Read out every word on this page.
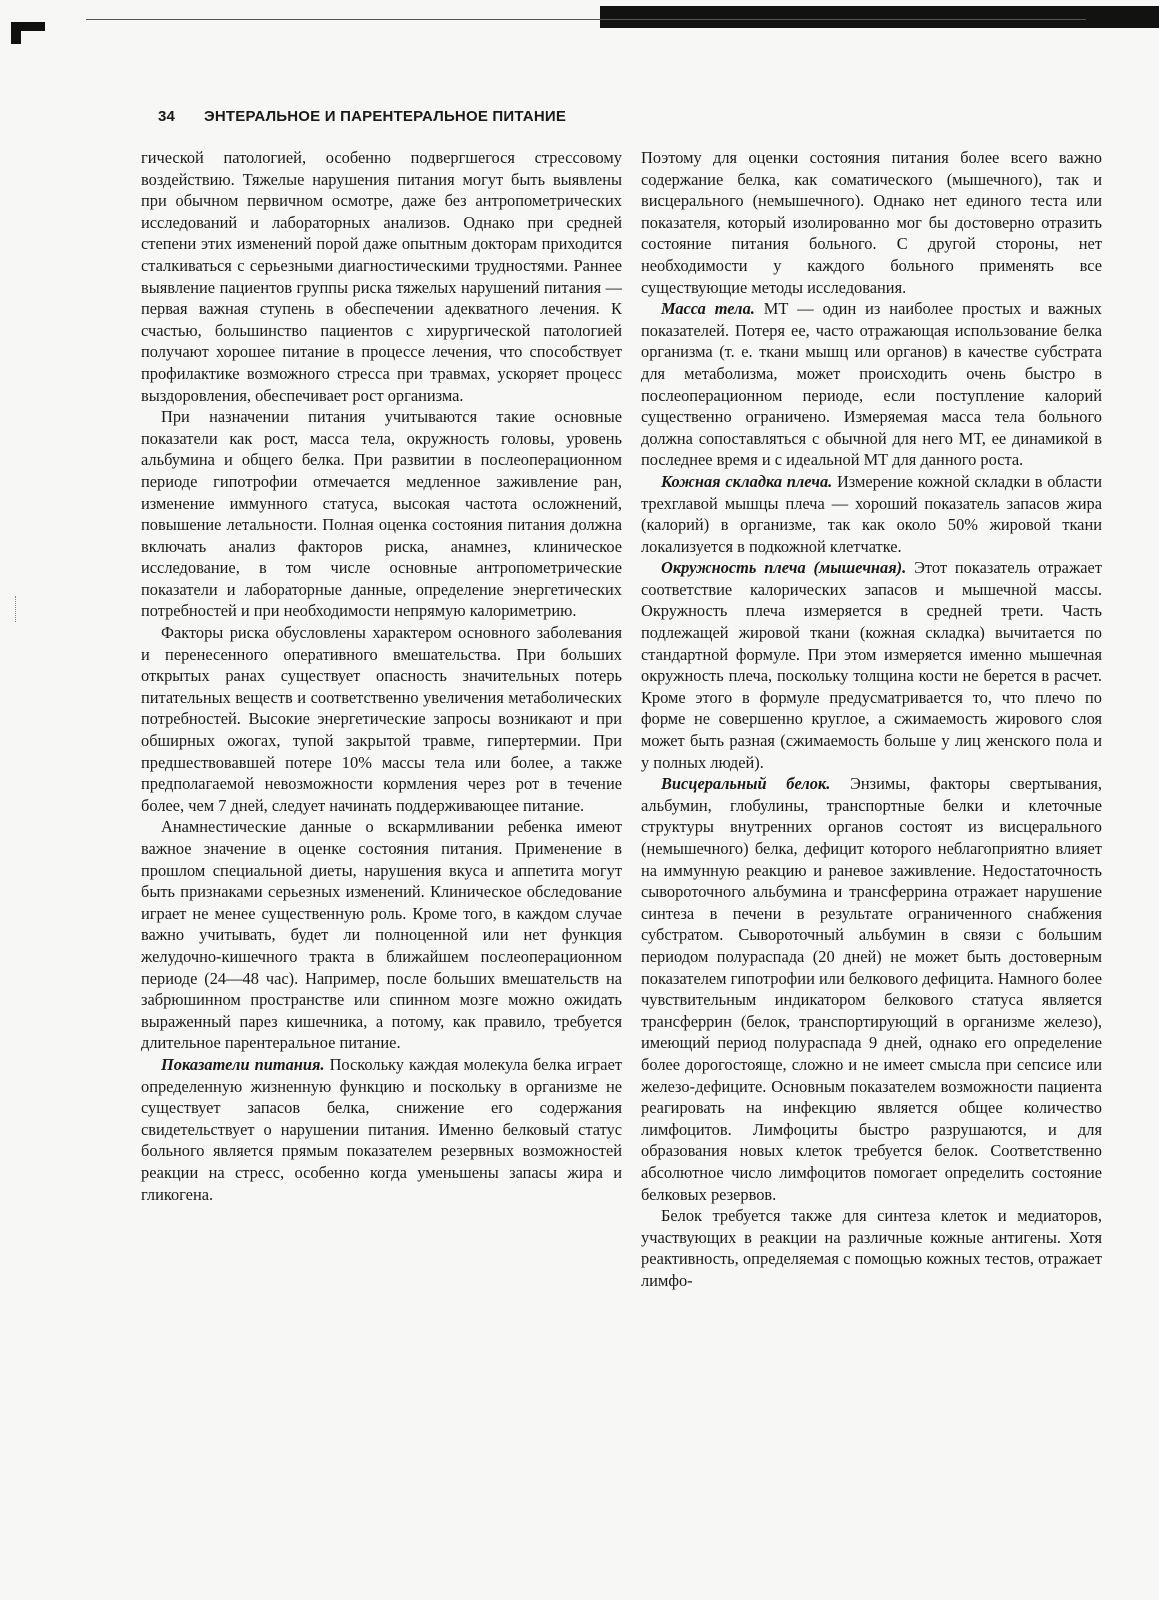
34 ЭНТЕРАЛЬНОЕ И ПАРЕНТЕРАЛЬНОЕ ПИТАНИЕ

гической патологией, особенно подвергшегося стрессовому воздействию. Тяжелые нарушения питания могут быть выявлены при обычном первичном осмотре, даже без антропометрических исследований и лабораторных анализов. Однако при средней степени этих изменений порой даже опытным докторам приходится сталкиваться с серьезными диагностическими трудностями. Раннее выявление пациентов группы риска тяжелых нарушений питания — первая важная ступень в обеспечении адекватного лечения. К счастью, большинство пациентов с хирургической патологией получают хорошее питание в процессе лечения, что способствует профилактике возможного стресса при травмах, ускоряет процесс выздоровления, обеспечивает рост организма.

При назначении питания учитываются такие основные показатели как рост, масса тела, окружность головы, уровень альбумина и общего белка. При развитии в послеоперационном периоде гипотрофии отмечается медленное заживление ран, изменение иммунного статуса, высокая частота осложнений, повышение летальности. Полная оценка состояния питания должна включать анализ факторов риска, анамнез, клиническое исследование, в том числе основные антропометрические показатели и лабораторные данные, определение энергетических потребностей и при необходимости непрямую калориметрию.

Факторы риска обусловлены характером основного заболевания и перенесенного оперативного вмешательства. При больших открытых ранах существует опасность значительных потерь питательных веществ и соответственно увеличения метаболических потребностей. Высокие энергетические запросы возникают и при обширных ожогах, тупой закрытой травме, гипертермии. При предшествовавшей потере 10% массы тела или более, а также предполагаемой невозможности кормления через рот в течение более, чем 7 дней, следует начинать поддерживающее питание.

Анамнестические данные о вскармливании ребенка имеют важное значение в оценке состояния питания. Применение в прошлом специальной диеты, нарушения вкуса и аппетита могут быть признаками серьезных изменений. Клиническое обследование играет не менее существенную роль. Кроме того, в каждом случае важно учитывать, будет ли полноценной или нет функция желудочно-кишечного тракта в ближайшем послеоперационном периоде (24—48 час). Например, после больших вмешательств на забрюшинном пространстве или спинном мозге можно ожидать выраженный парез кишечника, а потому, как правило, требуется длительное парентеральное питание.

Показатели питания. Поскольку каждая молекула белка играет определенную жизненную функцию и поскольку в организме не существует запасов белка, снижение его содержания свидетельствует о нарушении питания. Именно белковый статус больного является прямым показателем резервных возможностей реакции на стресс, особенно когда уменьшены запасы жира и гликогена.

Поэтому для оценки состояния питания более всего важно содержание белка, как соматического (мышечного), так и висцерального (немышечного). Однако нет единого теста или показателя, который изолированно мог бы достоверно отразить состояние питания больного. С другой стороны, нет необходимости у каждого больного применять все существующие методы исследования.

Масса тела. МТ — один из наиболее простых и важных показателей. Потеря ее, часто отражающая использование белка организма (т. е. ткани мышц или органов) в качестве субстрата для метаболизма, может происходить очень быстро в послеоперационном периоде, если поступление калорий существенно ограничено. Измеряемая масса тела больного должна сопоставляться с обычной для него МТ, ее динамикой в последнее время и с идеальной МТ для данного роста.

Кожная складка плеча. Измерение кожной складки в области трехглавой мышцы плеча — хороший показатель запасов жира (калорий) в организме, так как около 50% жировой ткани локализуется в подкожной клетчатке.

Окружность плеча (мышечная). Этот показатель отражает соответствие калорических запасов и мышечной массы. Окружность плеча измеряется в средней трети. Часть подлежащей жировой ткани (кожная складка) вычитается по стандартной формуле. При этом измеряется именно мышечная окружность плеча, поскольку толщина кости не берется в расчет. Кроме этого в формуле предусматривается то, что плечо по форме не совершенно круглое, а сжимаемость жирового слоя может быть разная (сжимаемость больше у лиц женского пола и у полных людей).

Висцеральный белок. Энзимы, факторы свертывания, альбумин, глобулины, транспортные белки и клеточные структуры внутренних органов состоят из висцерального (немышечного) белка, дефицит которого неблагоприятно влияет на иммунную реакцию и раневое заживление. Недостаточность сывороточного альбумина и трансферрина отражает нарушение синтеза в печени в результате ограниченного снабжения субстратом. Сывороточный альбумин в связи с большим периодом полураспада (20 дней) не может быть достоверным показателем гипотрофии или белкового дефицита. Намного более чувствительным индикатором белкового статуса является трансферрин (белок, транспортирующий в организме железо), имеющий период полураспада 9 дней, однако его определение более дорогостояще, сложно и не имеет смысла при сепсисе или железо-дефиците. Основным показателем возможности пациента реагировать на инфекцию является общее количество лимфоцитов. Лимфоциты быстро разрушаются, и для образования новых клеток требуется белок. Соответственно абсолютное число лимфоцитов помогает определить состояние белковых резервов.

Белок требуется также для синтеза клеток и медиаторов, участвующих в реакции на различные кожные антигены. Хотя реактивность, определяемая с помощью кожных тестов, отражает лимфо-
